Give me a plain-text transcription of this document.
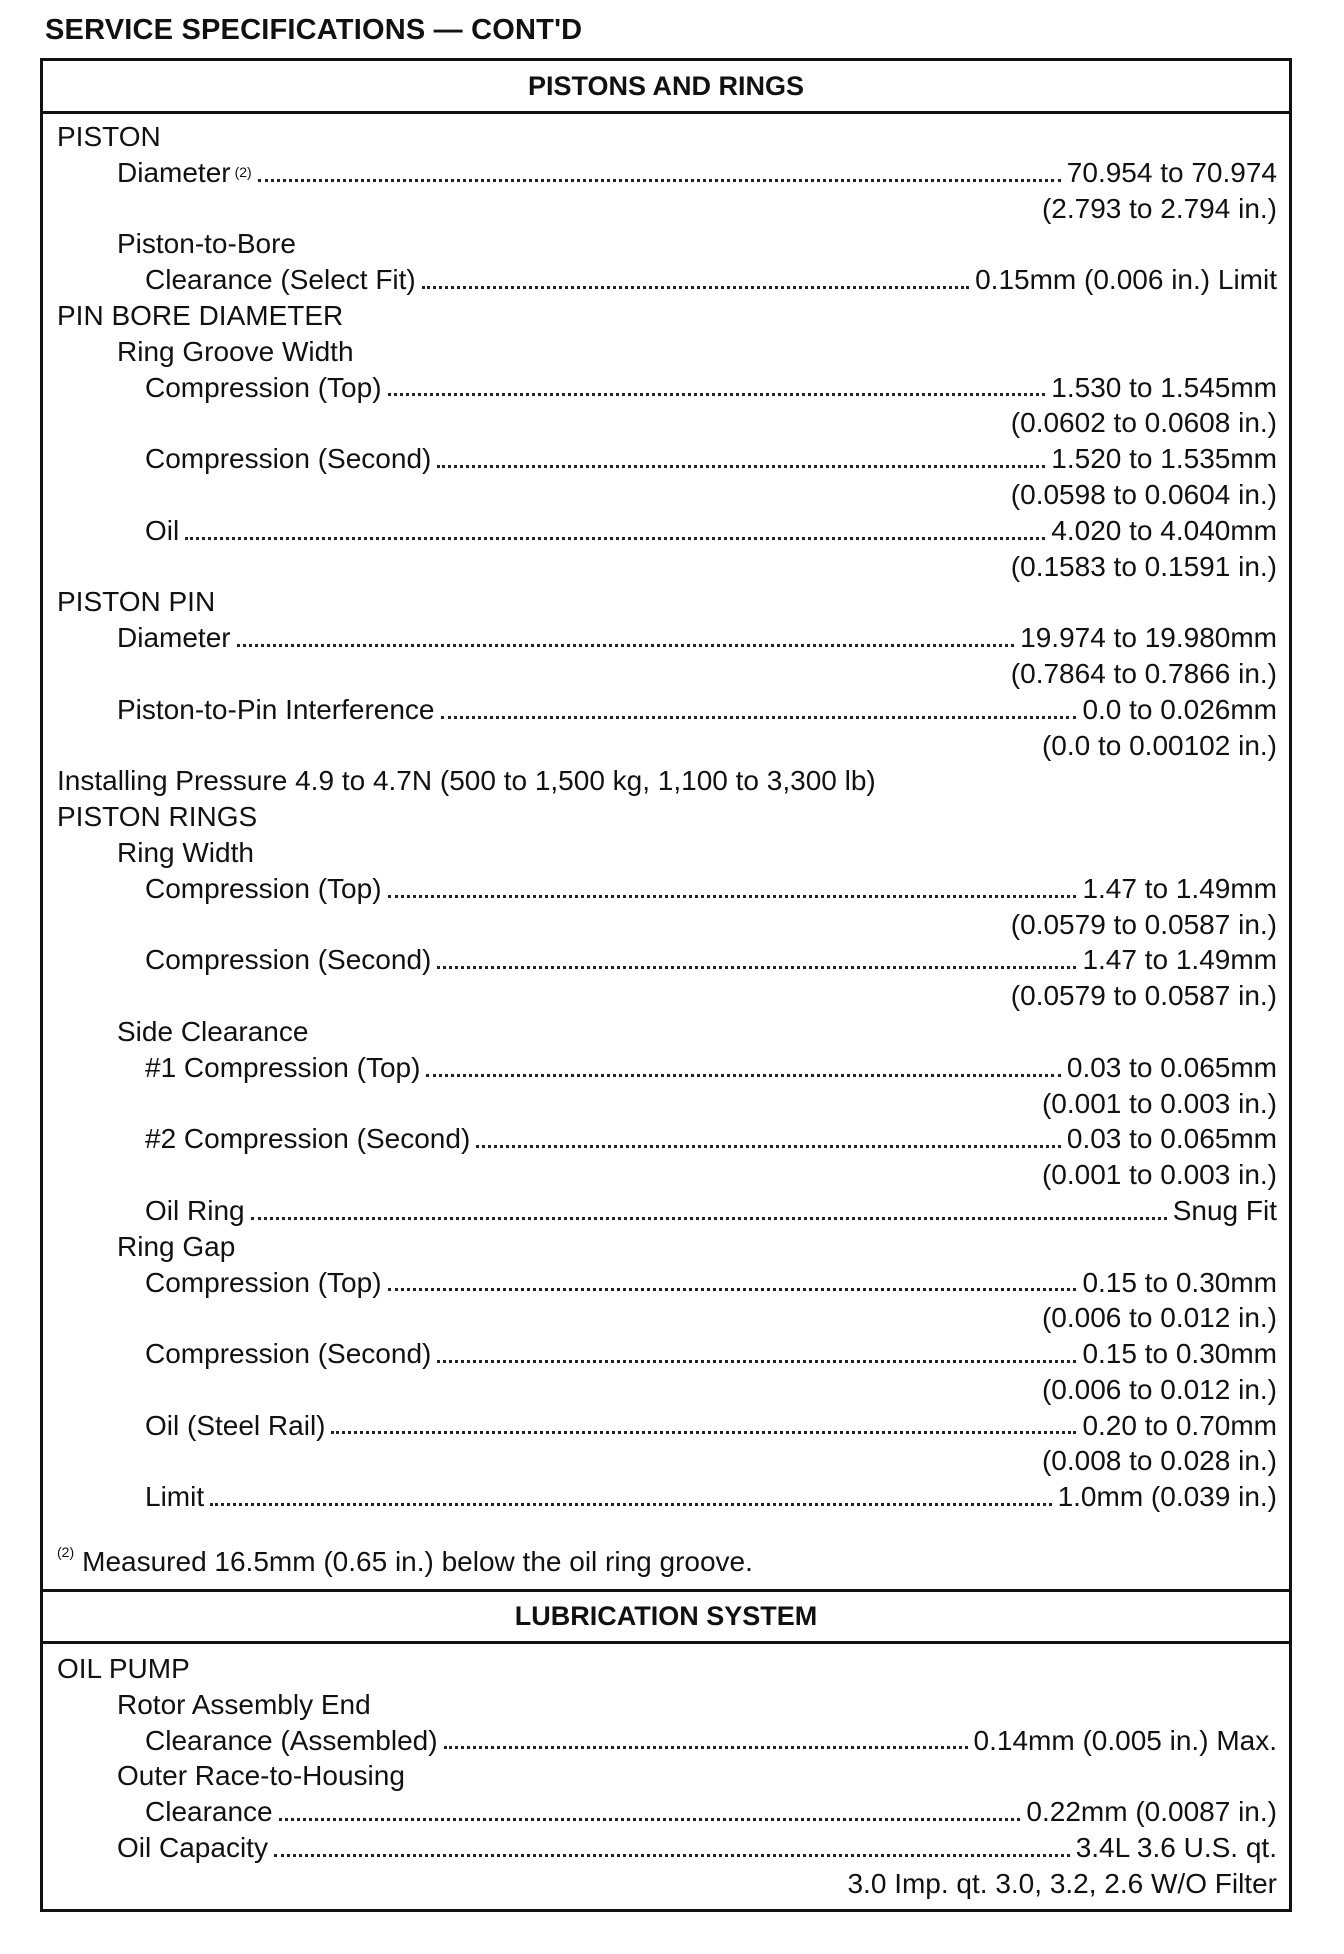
SERVICE SPECIFICATIONS — CONT'D
PISTONS AND RINGS
PISTON
Diameter (2)	70.954 to 70.974
(2.793 to 2.794 in.)
Piston-to-Bore
Clearance (Select Fit)	0.15mm (0.006 in.) Limit
PIN BORE DIAMETER
Ring Groove Width
Compression (Top)	1.530 to 1.545mm
(0.0602 to 0.0608 in.)
Compression (Second)	1.520 to 1.535mm
(0.0598 to 0.0604 in.)
Oil	4.020 to 4.040mm
(0.1583 to 0.1591 in.)
PISTON PIN
Diameter	19.974 to 19.980mm
(0.7864 to 0.7866 in.)
Piston-to-Pin Interference	0.0 to 0.026mm
(0.0 to 0.00102 in.)
Installing Pressure 4.9 to 4.7N (500 to 1,500 kg, 1,100 to 3,300 lb)
PISTON RINGS
Ring Width
Compression (Top)	1.47 to 1.49mm
(0.0579 to 0.0587 in.)
Compression (Second)	1.47 to 1.49mm
(0.0579 to 0.0587 in.)
Side Clearance
#1 Compression (Top)	0.03 to 0.065mm
(0.001 to 0.003 in.)
#2 Compression (Second)	0.03 to 0.065mm
(0.001 to 0.003 in.)
Oil Ring	Snug Fit
Ring Gap
Compression (Top)	0.15 to 0.30mm
(0.006 to 0.012 in.)
Compression (Second)	0.15 to 0.30mm
(0.006 to 0.012 in.)
Oil (Steel Rail)	0.20 to 0.70mm
(0.008 to 0.028 in.)
Limit	1.0mm (0.039 in.)
$^{(2)}$ Measured 16.5mm (0.65 in.) below the oil ring groove.
LUBRICATION SYSTEM
OIL PUMP
Rotor Assembly End
Clearance (Assembled)	0.14mm (0.005 in.) Max.
Outer Race-to-Housing
Clearance	0.22mm (0.0087 in.)
Oil Capacity	3.4L 3.6 U.S. qt.
3.0 Imp. qt. 3.0, 3.2, 2.6 W/O Filter
